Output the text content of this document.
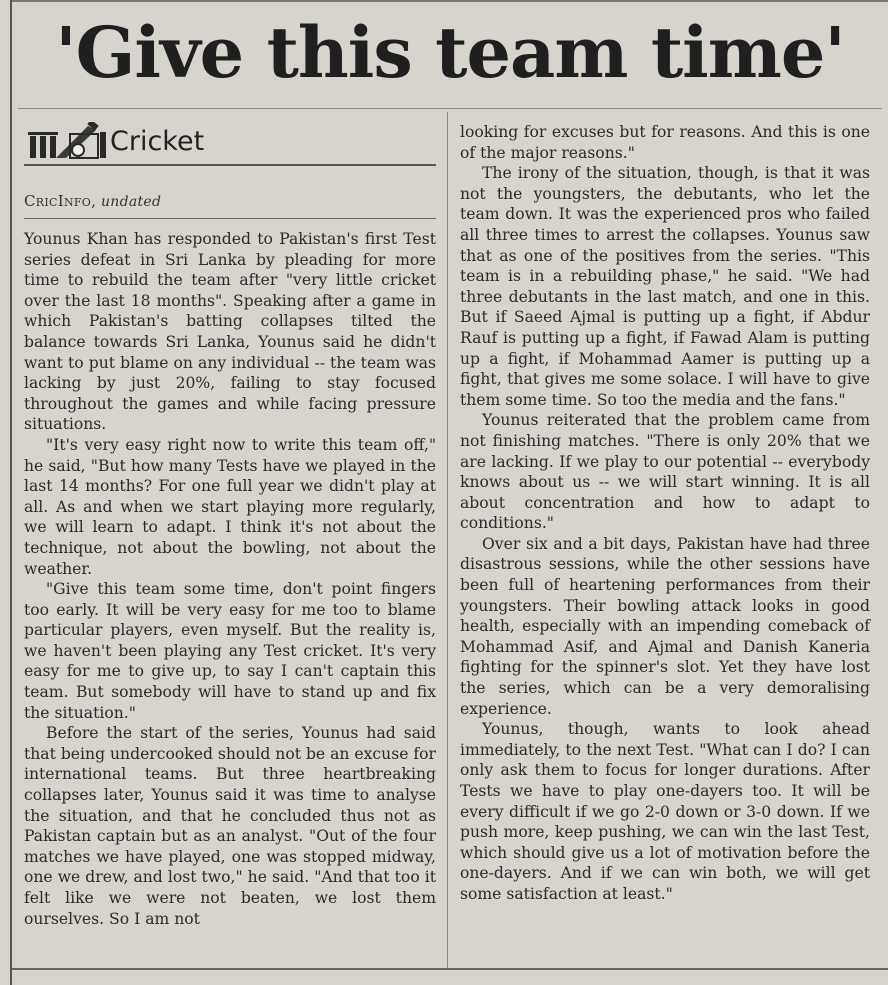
'Give this team time'
Cricket
CricInfo, undated

Younus Khan has responded to Pakistan's first Test series defeat in Sri Lanka by pleading for more time to rebuild the team after "very little cricket over the last 18 months". Speaking after a game in which Pakistan's batting collapses tilted the balance towards Sri Lanka, Younus said he didn't want to put blame on any individual -- the team was lacking by just 20%, failing to stay focused throughout the games and while facing pressure situations.

"It's very easy right now to write this team off," he said, "But how many Tests have we played in the last 14 months? For one full year we didn't play at all. As and when we start playing more regularly, we will learn to adapt. I think it's not about the technique, not about the bowling, not about the weather.

"Give this team some time, don't point fingers too early. It will be very easy for me too to blame particular players, even myself. But the reality is, we haven't been playing any Test cricket. It's very easy for me to give up, to say I can't captain this team. But somebody will have to stand up and fix the situation."

Before the start of the series, Younus had said that being undercooked should not be an excuse for international teams. But three heartbreaking collapses later, Younus said it was time to analyse the situation, and that he concluded thus not as Pakistan captain but as an analyst. "Out of the four matches we have played, one was stopped midway, one we drew, and lost two," he said. "And that too it felt like we were not beaten, we lost them ourselves. So I am not

looking for excuses but for reasons. And this is one of the major reasons."

The irony of the situation, though, is that it was not the youngsters, the debutants, who let the team down. It was the experienced pros who failed all three times to arrest the collapses. Younus saw that as one of the positives from the series. "This team is in a rebuilding phase," he said. "We had three debutants in the last match, and one in this. But if Saeed Ajmal is putting up a fight, if Abdur Rauf is putting up a fight, if Fawad Alam is putting up a fight, if Mohammad Aamer is putting up a fight, that gives me some solace. I will have to give them some time. So too the media and the fans."

Younus reiterated that the problem came from not finishing matches. "There is only 20% that we are lacking. If we play to our potential -- everybody knows about us -- we will start winning. It is all about concentration and how to adapt to conditions."

Over six and a bit days, Pakistan have had three disastrous sessions, while the other sessions have been full of heartening performances from their youngsters. Their bowling attack looks in good health, especially with an impending comeback of Mohammad Asif, and Ajmal and Danish Kaneria fighting for the spinner's slot. Yet they have lost the series, which can be a very demoralising experience.

Younus, though, wants to look ahead immediately, to the next Test. "What can I do? I can only ask them to focus for longer durations. After Tests we have to play one-dayers too. It will be every difficult if we go 2-0 down or 3-0 down. If we push more, keep pushing, we can win the last Test, which should give us a lot of motivation before the one-dayers. And if we can win both, we will get some satisfaction at least."
